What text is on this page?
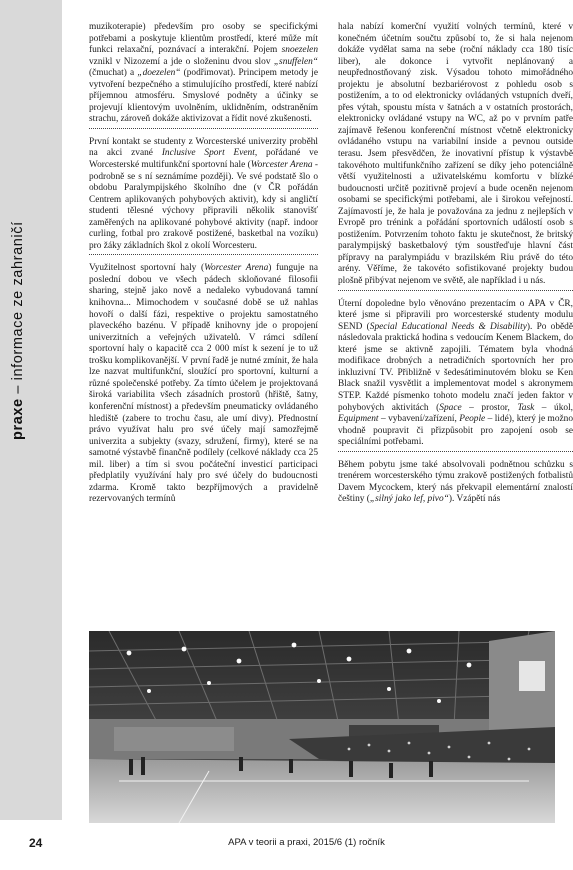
praxe – informace ze zahraničí

muzikoterapie) především pro osoby se specifickými potřebami a poskytuje klientům prostředí, které může mít funkci relaxační, poznávací a interakční. Pojem snoezelen vznikl v Nizozemí a jde o složeninu dvou slov „snuffelen“ (čmuchat) a „doezelen“ (podřimovat). Principem metody je vytvoření bezpečného a stimulujícího prostředí, které nabízí příjemnou atmosféru. Smyslové podněty a účinky se projevují klientovým uvolněním, uklidněním, odstraněním strachu, zároveň dokáže aktivizovat a řídit nové zkušenosti.

První kontakt se studenty z Worcesterské univerzity proběhl na akci zvané Inclusive Sport Event, pořádané ve Worcesterské multifunkční sportovní hale (Worcester Arena - podrobně se s ní seznámíme později). Ve své podstatě šlo o obdobu Paralympijského školního dne (v ČR pořádán Centrem aplikovaných pohybových aktivit), kdy si angličtí studenti tělesné výchovy připravili několik stanovišť zaměřených na aplikované pohybové aktivity (např. indoor curling, fotbal pro zrakově postižené, basketbal na vozíku) pro žáky základních škol z okolí Worcesteru.

Využitelnost sportovní haly (Worcester Arena) funguje na poslední dobou ve všech pádech skloňované filosofii sharing, stejně jako nově a nedaleko vybudovaná tamní knihovna... Mimochodem v současné době se už nahlas hovoří o další fázi, respektive o projektu samostatného plaveckého bazénu. V případě knihovny jde o propojení univerzitních a veřejných uživatelů. V rámci sdílení sportovní haly o kapacitě cca 2 000 míst k sezení je to už trošku komplikovanější. V první řadě je nutné zmínit, že hala lze nazvat multifunkční, sloužící pro sportovní, kulturní a různé společenské potřeby. Za tímto účelem je projektovaná široká variabilita všech zásadních prostorů (hřiště, šatny, konferenční místnost) a především pneumaticky ovládaného hlediště (zabere to trochu času, ale umí divy). Přednostní právo využívat halu pro své účely mají samozřejmě univerzita a subjekty (svazy, sdružení, firmy), které se na samotné výstavbě finančně podílely (celkové náklady cca 25 mil. liber) a tím si svou počáteční investicí participaci předplatily využívání haly pro své účely do budoucnosti zdarma. Kromě takto bezpříjmových a pravidelně rezervovaných termínů

hala nabízí komerční využití volných termínů, které v konečném účetním součtu způsobí to, že si hala nejenom dokáže vydělat sama na sebe (roční náklady cca 180 tisíc liber), ale dokonce i vytvořit neplánovaný a neupřednostňovaný zisk. Výsadou tohoto mimořádného projektu je absolutní bezbariérovost z pohledu osob s postižením, a to od elektronicky ovládaných vstupních dveří, přes výtah, spoustu místa v šatnách a v ostatních prostorách, elektronicky ovládané vstupy na WC, až po v prvním patře zajímavě řešenou konferenční místnost včetně elektronicky ovládaného vstupu na variabilní inside a pevnou outside terasu. Jsem přesvědčen, že inovativní přístup k výstavbě takovéhoto multifunkčního zařízení se díky jeho potenciálně větší využitelnosti a uživatelskému komfortu v blízké budoucnosti určitě pozitivně projeví a bude oceněn nejenom osobami se specifickými potřebami, ale i širokou veřejností. Zajímavostí je, že hala je považována za jednu z nejlepších v Evropě pro trénink a pořádání sportovních událostí osob s postižením. Potvrzením tohoto faktu je skutečnost, že britský paralympijský basketbalový tým soustřeďuje hlavní část přípravy na paralympiádu v brazilském Riu právě do této arény. Věříme, že takovéto sofistikované projekty budou plošně přibývat nejenom ve světě, ale například i u nás.

Úterní dopoledne bylo věnováno prezentacím o APA v ČR, které jsme si připravili pro worcesterské studenty modulu SEND (Special Educational Needs & Disability). Po obědě následovala praktická hodina s vedoucím Kenem Blackem, do které jsme se aktivně zapojili. Tématem byla vhodná modifikace drobných a netradičních sportovních her pro inkluzivní TV. Přibližně v šedesátiminutovém bloku se Ken Black snažil vysvětlit a implementovat model s akronymem STEP. Každé písmenko tohoto modelu značí jeden faktor v pohybových aktivitách (Space – prostor, Task – úkol, Equipment – vybavení/zařízení, People – lidé), který je možno vhodně poupravit či přizpůsobit pro zapojení osob se speciálními potřebami.

Během pobytu jsme také absolvovali podnětnou schůzku s trenérem worcesterského týmu zrakově postižených fotbalistů Davem Mycockem, který nás překvapil elementární znalostí češtiny („silný jako lef, pivo“). Vzápětí nás

24	APA v teorii a praxi, 2015/6 (1) ročník
